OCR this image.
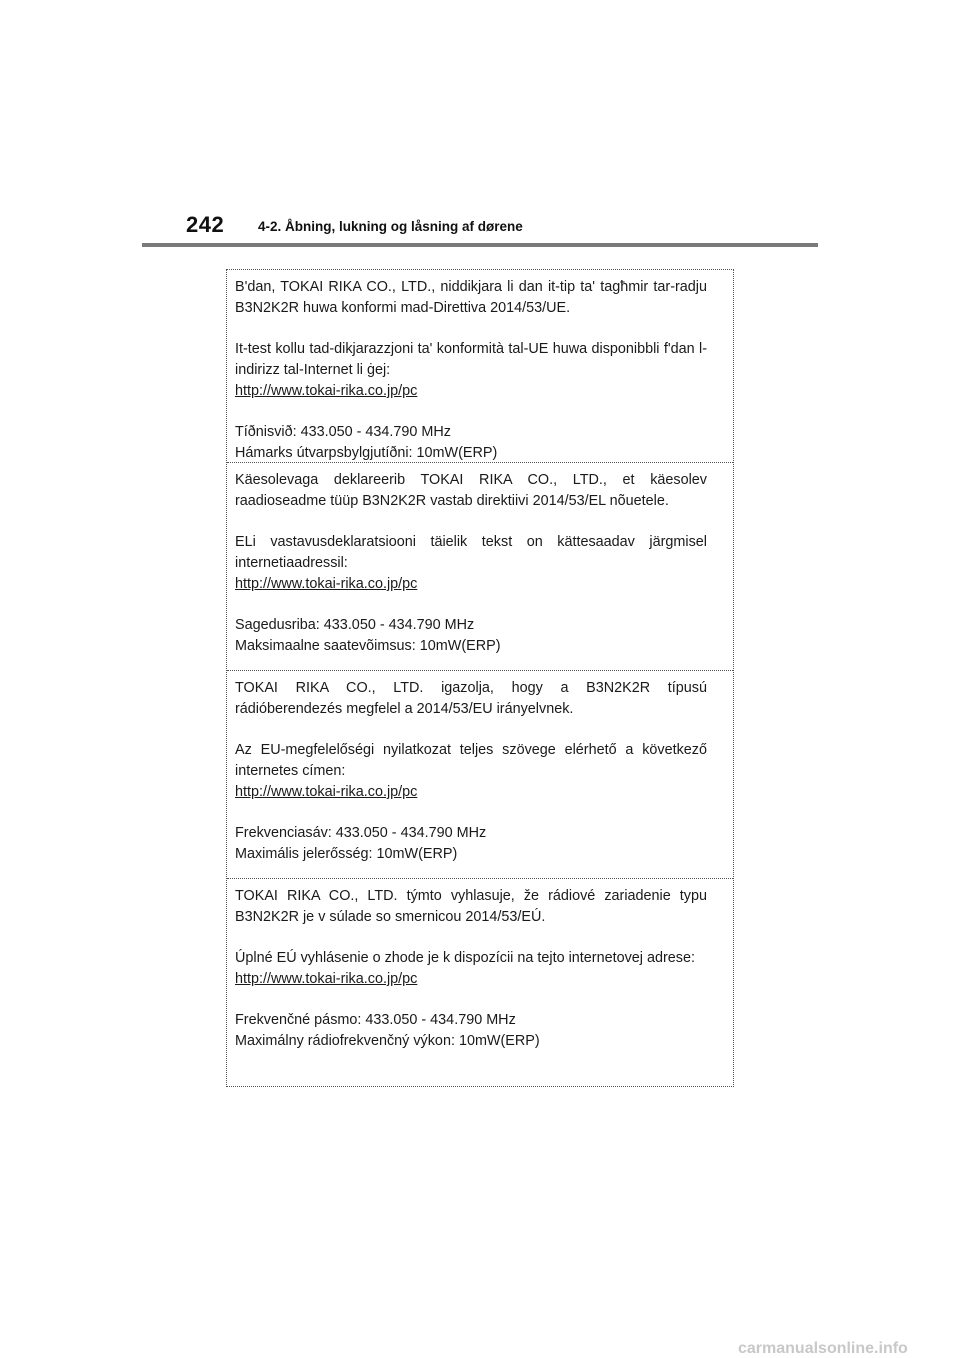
242	4-2. Åbning, lukning og låsning af dørene

B'dan, TOKAI RIKA CO., LTD., niddikjara li dan it-tip ta' tagħmir tar-radju B3N2K2R huwa konformi mad-Direttiva 2014/53/UE.

It-test kollu tad-dikjarazzjoni ta' konformità tal-UE huwa disponibbli f'dan l-indirizz tal-Internet li ġej:

http://www.tokai-rika.co.jp/pc

Tíðnisvið: 433.050 - 434.790 MHz

Hámarks útvarpsbylgjutíðni: 10mW(ERP)

Käesolevaga deklareerib TOKAI RIKA CO., LTD., et käesolev raadioseadme tüüp B3N2K2R vastab direktiivi 2014/53/EL nõuetele.

ELi vastavusdeklaratsiooni täielik tekst on kättesaadav järgmisel internetiaadressil:

http://www.tokai-rika.co.jp/pc

Sagedusriba: 433.050 - 434.790 MHz

Maksimaalne saatevõimsus: 10mW(ERP)

TOKAI RIKA CO., LTD. igazolja, hogy a B3N2K2R típusú rádióberendezés megfelel a 2014/53/EU irányelvnek.

Az EU-megfelelőségi nyilatkozat teljes szövege elérhető a következő internetes címen:

http://www.tokai-rika.co.jp/pc

Frekvenciasáv: 433.050 - 434.790 MHz

Maximális jelerősség: 10mW(ERP)

TOKAI RIKA CO., LTD. týmto vyhlasuje, že rádiové zariadenie typu B3N2K2R je v súlade so smernicou 2014/53/EÚ.

Úplné EÚ vyhlásenie o zhode je k dispozícii na tejto internetovej adrese:

http://www.tokai-rika.co.jp/pc

Frekvenčné pásmo: 433.050 - 434.790 MHz

Maximálny rádiofrekvenčný výkon: 10mW(ERP)

carmanualsonline.info
